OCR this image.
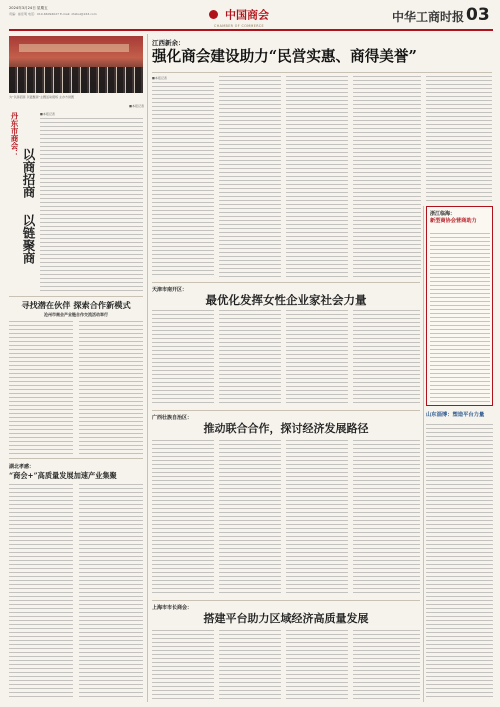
2024年3月24日 星期五
责编：崔佳明 电话：010-66094027 E-mail: zhzksl@163.com	中国商会
CHAMBER OF COMMERCE
中华工商时报 03
为“以商招商 以链聚商”主题活动现场 主办方供图
■本报记者
丹东市商会：
以商招商
以链聚商
■本报记者
寻找潜在伙伴 探索合作新模式
沧州市商会产业链合作交流活动举行
湖北孝感：
“商会+”高质量发展加速产业集聚
江西新余：
强化商会建设助力“民営实惠、商得美誉”
■本报记者
天津市南开区：
最优化发挥女性企业家社会力量
广西壮族自治区：
推动联合合作，探讨经济发展路径
上海市市长商会：
搭建平台助力区域经济高质量发展
浙江临海：
新型商协会营商助力
山东淄博：塑造平台力量
